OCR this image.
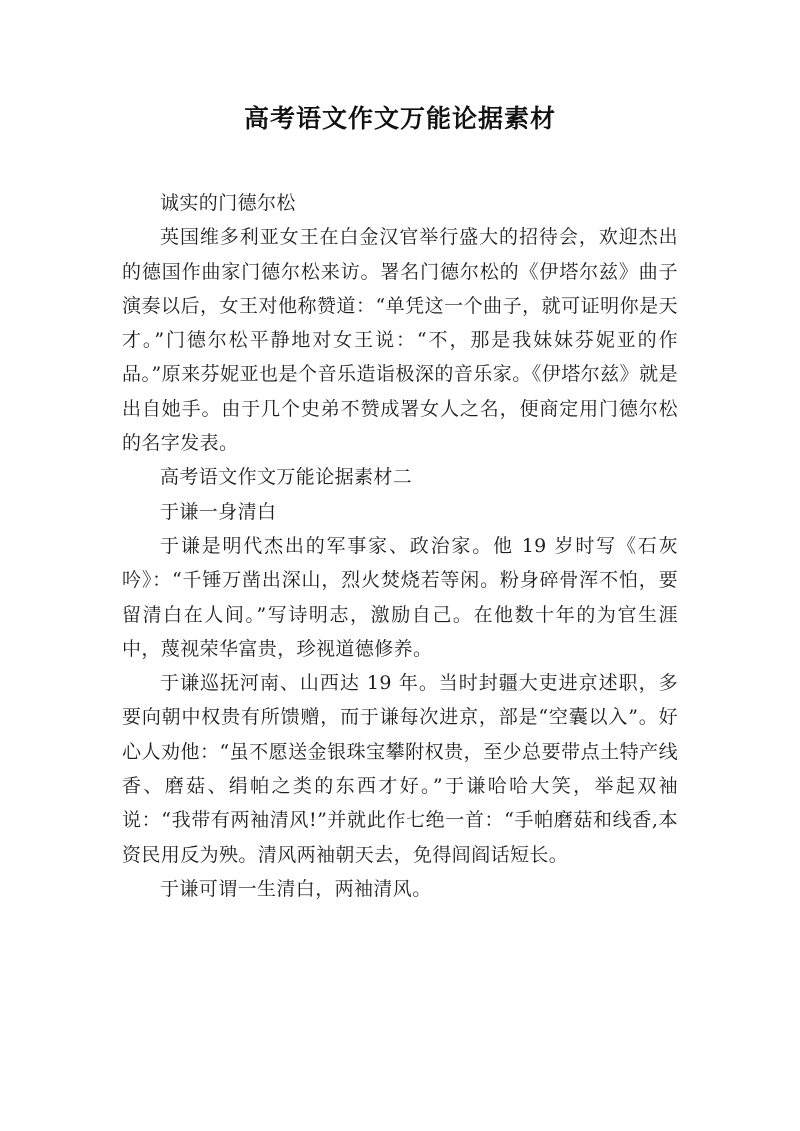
高考语文作文万能论据素材

诚实的门德尔松

英国维多利亚女王在白金汉官举行盛大的招待会，欢迎杰出的德国作曲家门德尔松来访。署名门德尔松的《伊塔尔兹》曲子演奏以后，女王对他称赞道：“单凭这一个曲子，就可证明你是天才。”门德尔松平静地对女王说：“不，那是我妹妹芬妮亚的作品。”原来芬妮亚也是个音乐造诣极深的音乐家。《伊塔尔兹》就是出自她手。由于几个史弟不赞成署女人之名，便商定用门德尔松的名字发表。

高考语文作文万能论据素材二

于谦一身清白

于谦是明代杰出的军事家、政治家。他 19 岁时写《石灰吟》：“千锤万凿出深山，烈火焚烧若等闲。粉身碎骨浑不怕，要留清白在人间。”写诗明志，激励自己。在他数十年的为官生涯中，蔑视荣华富贵，珍视道德修养。

于谦巡抚河南、山西达 19 年。当时封疆大吏进京述职，多要向朝中权贵有所馈赠，而于谦每次进京，部是“空囊以入”。好心人劝他：“虽不愿送金银珠宝攀附权贵，至少总要带点土特产线香、磨菇、绢帕之类的东西才好。”于谦哈哈大笑，举起双袖说：“我带有两袖清风!”并就此作七绝一首：“手帕磨菇和线香,本资民用反为殃。清风两袖朝天去，免得闾阎话短长。

于谦可谓一生清白，两袖清风。
